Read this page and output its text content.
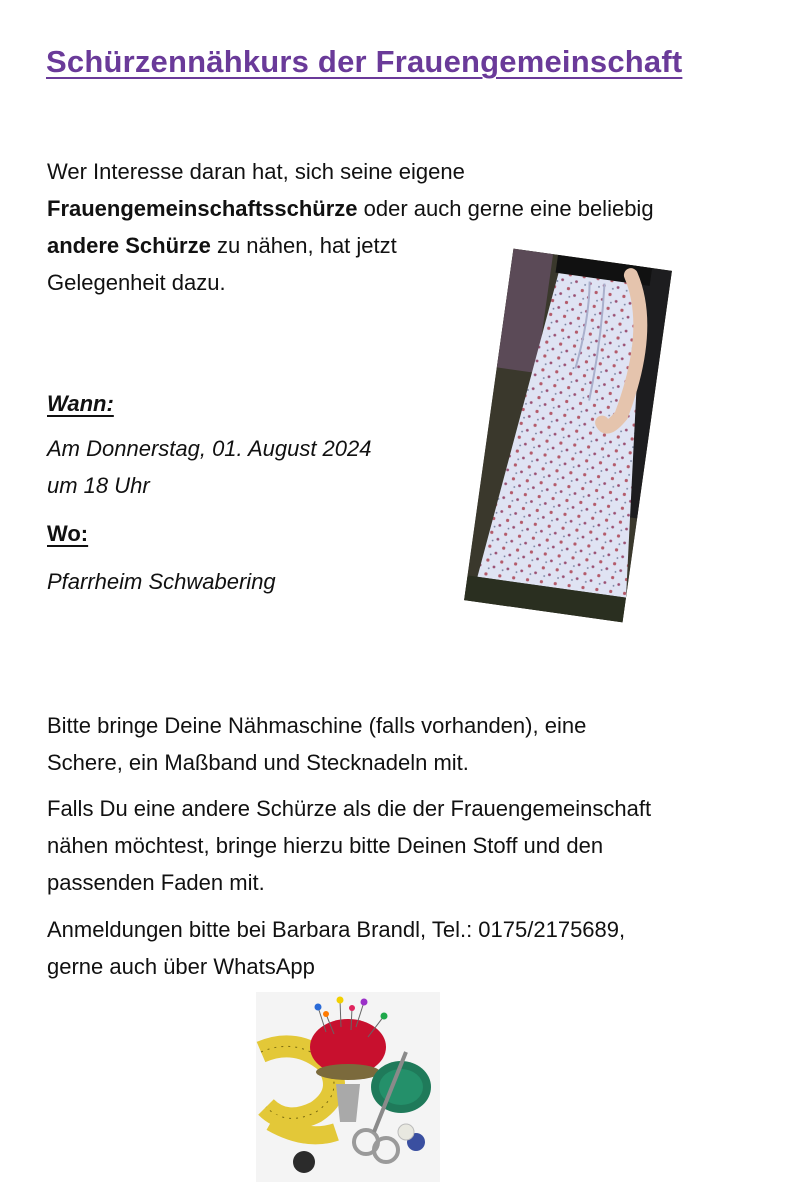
Schürzennähkurs der Frauengemeinschaft
Wer Interesse daran hat, sich seine eigene
Frauengemeinschaftsschürze oder auch gerne eine beliebig
andere Schürze zu nähen, hat jetzt
Gelegenheit dazu.
Wann:
Am Donnerstag, 01. August 2024
um 18 Uhr
Wo:
Pfarrheim Schwabering
Bitte bringe Deine Nähmaschine (falls vorhanden), eine
Schere, ein Maßband und Stecknadeln mit.
Falls Du eine andere Schürze als die der Frauengemeinschaft
nähen möchtest, bringe hierzu bitte Deinen Stoff und den
passenden Faden mit.
Anmeldungen bitte bei Barbara Brandl, Tel.: 0175/2175689,
gerne auch über WhatsApp
